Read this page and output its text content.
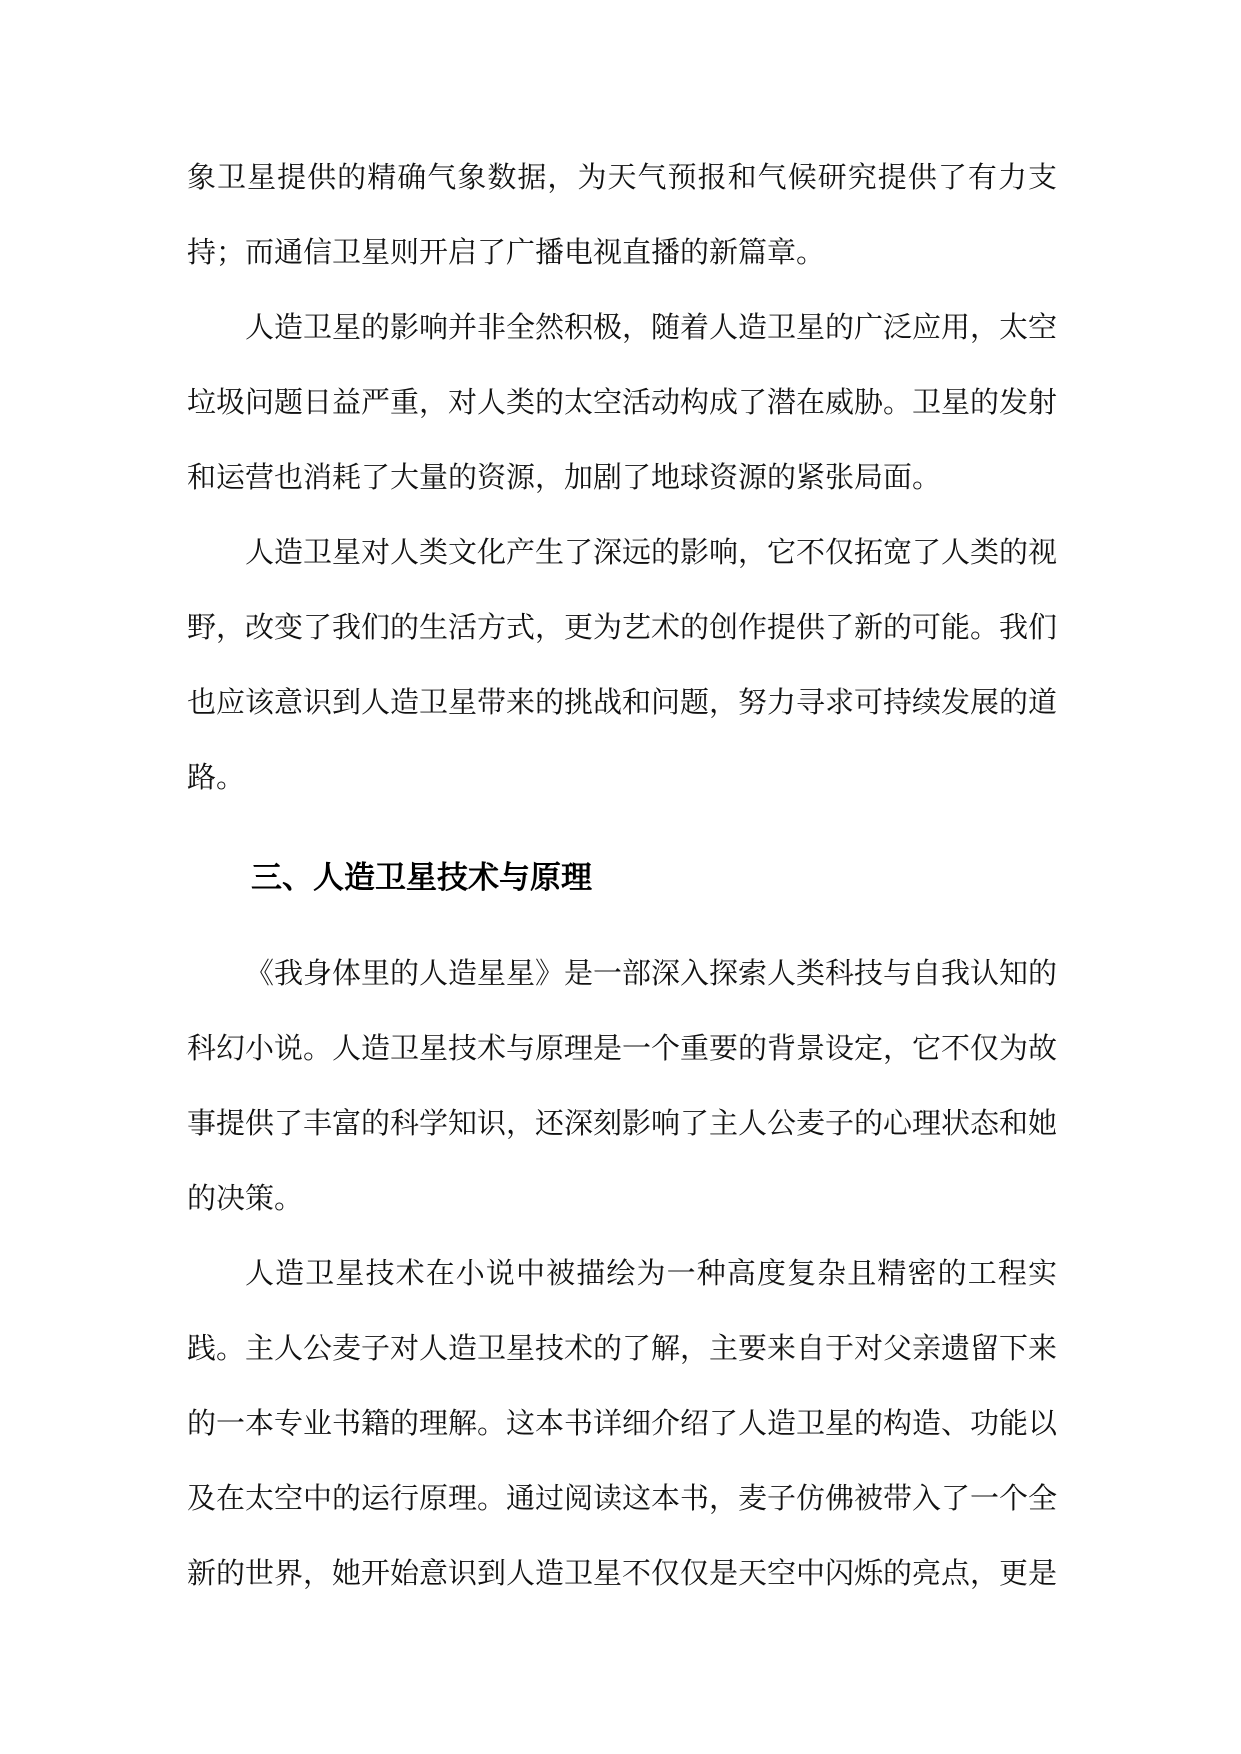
象卫星提供的精确气象数据，为天气预报和气候研究提供了有力支持；而通信卫星则开启了广播电视直播的新篇章。

人造卫星的影响并非全然积极，随着人造卫星的广泛应用，太空垃圾问题日益严重，对人类的太空活动构成了潜在威胁。卫星的发射和运营也消耗了大量的资源，加剧了地球资源的紧张局面。

人造卫星对人类文化产生了深远的影响，它不仅拓宽了人类的视野，改变了我们的生活方式，更为艺术的创作提供了新的可能。我们也应该意识到人造卫星带来的挑战和问题，努力寻求可持续发展的道路。

三、人造卫星技术与原理

《我身体里的人造星星》是一部深入探索人类科技与自我认知的科幻小说。人造卫星技术与原理是一个重要的背景设定，它不仅为故事提供了丰富的科学知识，还深刻影响了主人公麦子的心理状态和她的决策。

人造卫星技术在小说中被描绘为一种高度复杂且精密的工程实践。主人公麦子对人造卫星技术的了解，主要来自于对父亲遗留下来的一本专业书籍的理解。这本书详细介绍了人造卫星的构造、功能以及在太空中的运行原理。通过阅读这本书，麦子仿佛被带入了一个全新的世界，她开始意识到人造卫星不仅仅是天空中闪烁的亮点，更是
